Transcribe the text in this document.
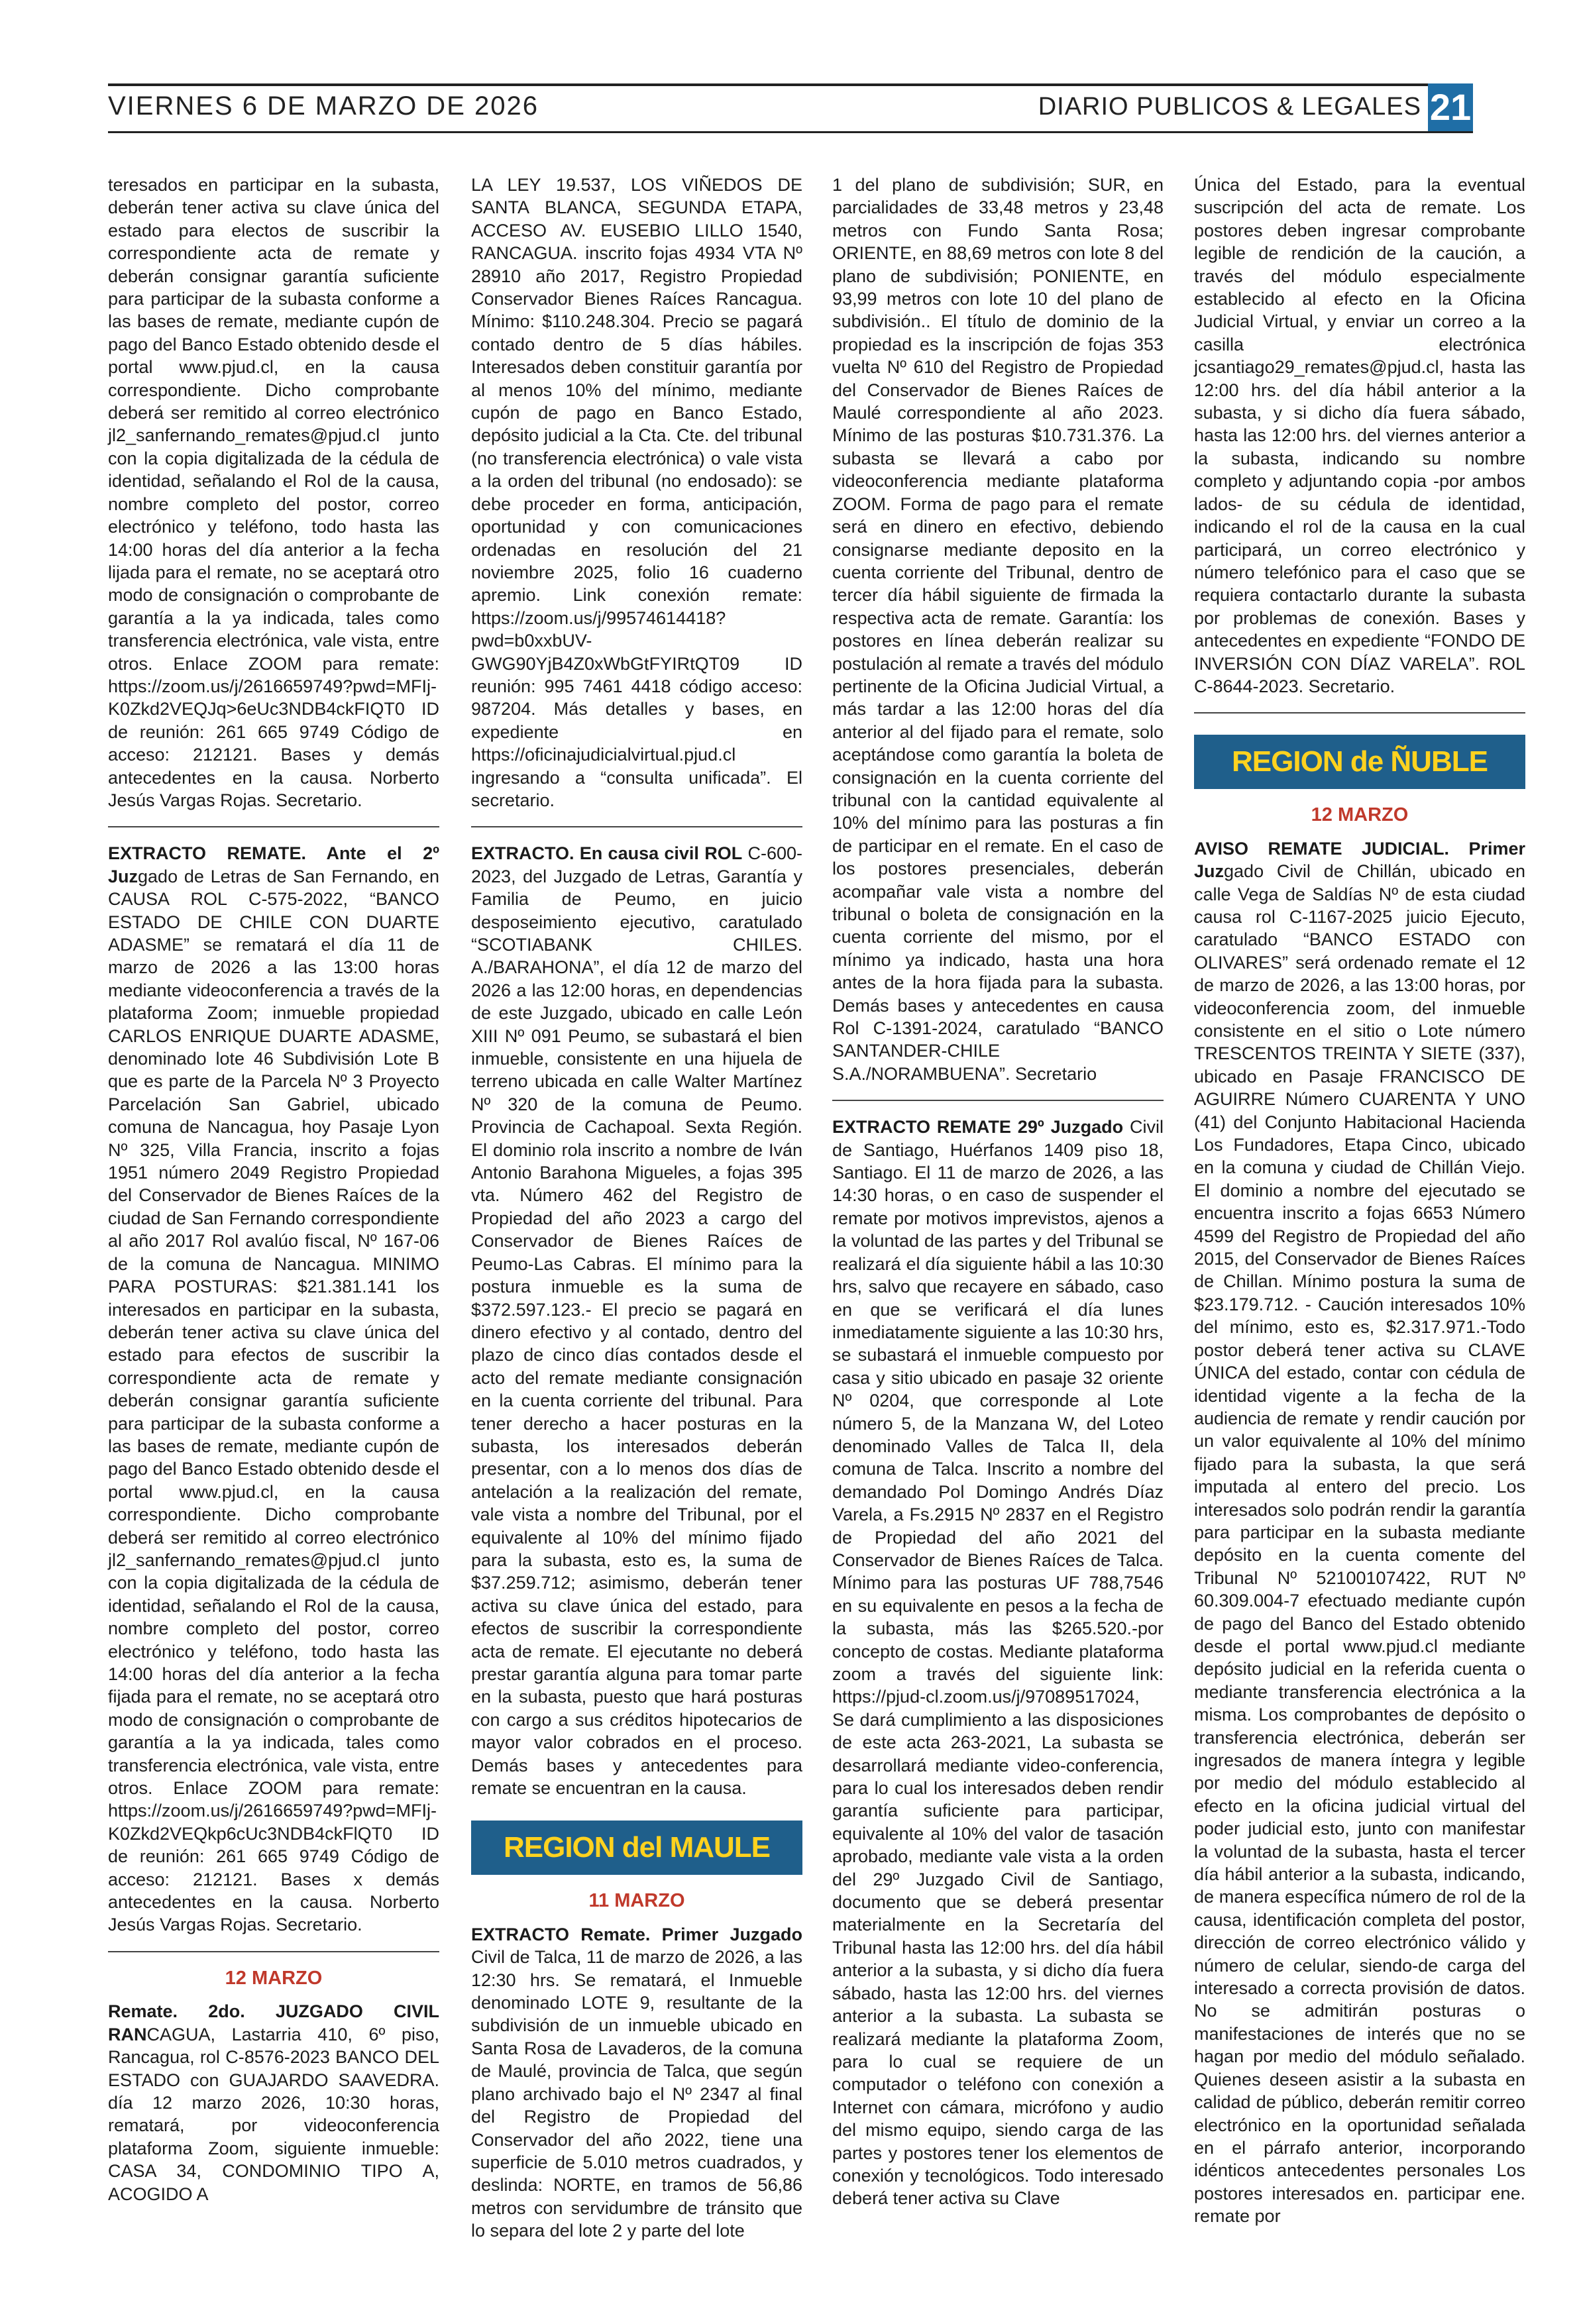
VIERNES 6 DE MARZO DE 2026	DIARIO PUBLICOS & LEGALES 21

teresados en participar en la subasta, deberán tener activa su clave única del estado para electos de suscribir la correspondiente acta de remate y deberán consignar garantía suficiente para participar de la subasta conforme a las bases de remate, mediante cupón de pago del Banco Estado obtenido desde el portal www.pjud.cl, en la causa correspondiente. Dicho comprobante deberá ser remitido al correo electrónico jl2_sanfernando_remates@pjud.cl junto con la copia digitalizada de la cédula de identidad, señalando el Rol de la causa, nombre completo del postor, correo electrónico y teléfono, todo hasta las 14:00 horas del día anterior a la fecha lijada para el remate, no se aceptará otro modo de consignación o comprobante de garantía a la ya indicada, tales como transferencia electrónica, vale vista, entre otros. Enlace ZOOM para remate: https://zoom.us/j/2616659749?pwd=MFIj-K0Zkd2VEQJq>6eUc3NDB4ckFIQT0 ID de reunión: 261 665 9749 Código de acceso: 212121. Bases y demás antecedentes en la causa. Norberto Jesús Vargas Rojas. Secretario.

EXTRACTO REMATE. Ante el 2º Juzgado de Letras de San Fernando, en CAUSA ROL C-575-2022, “BANCO ESTADO DE CHILE CON DUARTE ADASME” se rematará el día 11 de marzo de 2026 a las 13:00 horas mediante videoconferencia a través de la plataforma Zoom; inmueble propiedad CARLOS ENRIQUE DUARTE ADASME, denominado lote 46 Subdivisión Lote B que es parte de la Parcela Nº 3 Proyecto Parcelación San Gabriel, ubicado comuna de Nancagua, hoy Pasaje Lyon Nº 325, Villa Francia, inscrito a fojas 1951 número 2049 Registro Propiedad del Conservador de Bienes Raíces de la ciudad de San Fernando correspondiente al año 2017 Rol avalúo fiscal, Nº 167-06 de la comuna de Nancagua. MINIMO PARA POSTURAS: $21.381.141 los interesados en participar en la subasta, deberán tener activa su clave única del estado para efectos de suscribir la correspondiente acta de remate y deberán consignar garantía suficiente para participar de la subasta conforme a las bases de remate, mediante cupón de pago del Banco Estado obtenido desde el portal www.pjud.cl, en la causa correspondiente. Dicho comprobante deberá ser remitido al correo electrónico jl2_sanfernando_remates@pjud.cl junto con la copia digitalizada de la cédula de identidad, señalando el Rol de la causa, nombre completo del postor, correo electrónico y teléfono, todo hasta las 14:00 horas del día anterior a la fecha fijada para el remate, no se aceptará otro modo de consignación o comprobante de garantía a la ya indicada, tales como transferencia electrónica, vale vista, entre otros. Enlace ZOOM para remate: https://zoom.us/j/2616659749?pwd=MFIj-K0Zkd2VEQkp6cUc3NDB4ckFlQT0 ID de reunión: 261 665 9749 Código de acceso: 212121. Bases x demás antecedentes en la causa. Norberto Jesús Vargas Rojas. Secretario.

12 MARZO

Remate. 2do. JUZGADO CIVIL RANCAGUA, Lastarria 410, 6º piso, Rancagua, rol C-8576-2023 BANCO DEL ESTADO con GUAJARDO SAAVEDRA. día 12 marzo 2026, 10:30 horas, rematará, por videoconferencia plataforma Zoom, siguiente inmueble: CASA 34, CONDOMINIO TIPO A, ACOGIDO A

LA LEY 19.537, LOS VIÑEDOS DE SANTA BLANCA, SEGUNDA ETAPA, ACCESO AV. EUSEBIO LILLO 1540, RANCAGUA. inscrito fojas 4934 VTA Nº 28910 año 2017, Registro Propiedad Conservador Bienes Raíces Rancagua. Mínimo: $110.248.304. Precio se pagará contado dentro de 5 días hábiles. Interesados deben constituir garantía por al menos 10% del mínimo, mediante cupón de pago en Banco Estado, depósito judicial a la Cta. Cte. del tribunal (no transferencia electrónica) o vale vista a la orden del tribunal (no endosado): se debe proceder en forma, anticipación, oportunidad y con comunicaciones ordenadas en resolución del 21 noviembre 2025, folio 16 cuaderno apremio. Link conexión remate: https://zoom.us/j/99574614418?pwd=b0xxbUV-GWG90YjB4Z0xWbGtFYIRtQT09 ID reunión: 995 7461 4418 código acceso: 987204. Más detalles y bases, en expediente en https://oficinajudicialvirtual.pjud.cl ingresando a “consulta unificada”. El secretario.

EXTRACTO. En causa civil ROL C-600-2023, del Juzgado de Letras, Garantía y Familia de Peumo, en juicio desposeimiento ejecutivo, caratulado “SCOTIABANK CHILES. A./BARAHONA”, el día 12 de marzo del 2026 a las 12:00 horas, en dependencias de este Juzgado, ubicado en calle León XIII Nº 091 Peumo, se subastará el bien inmueble, consistente en una hijuela de terreno ubicada en calle Walter Martínez Nº 320 de la comuna de Peumo. Provincia de Cachapoal. Sexta Región. El dominio rola inscrito a nombre de Iván Antonio Barahona Migueles, a fojas 395 vta. Número 462 del Registro de Propiedad del año 2023 a cargo del Conservador de Bienes Raíces de Peumo-Las Cabras. El mínimo para la postura inmueble es la suma de $372.597.123.- El precio se pagará en dinero efectivo y al contado, dentro del plazo de cinco días contados desde el acto del remate mediante consignación en la cuenta corriente del tribunal. Para tener derecho a hacer posturas en la subasta, los interesados deberán presentar, con a lo menos dos días de antelación a la realización del remate, vale vista a nombre del Tribunal, por el equivalente al 10% del mínimo fijado para la subasta, esto es, la suma de $37.259.712; asimismo, deberán tener activa su clave única del estado, para efectos de suscribir la correspondiente acta de remate. El ejecutante no deberá prestar garantía alguna para tomar parte en la subasta, puesto que hará posturas con cargo a sus créditos hipotecarios de mayor valor cobrados en el proceso. Demás bases y antecedentes para remate se encuentran en la causa.

REGION del MAULE
11 MARZO

EXTRACTO Remate. Primer Juzgado Civil de Talca, 11 de marzo de 2026, a las 12:30 hrs. Se rematará, el Inmueble denominado LOTE 9, resultante de la subdivisión de un inmueble ubicado en Santa Rosa de Lavaderos, de la comuna de Maulé, provincia de Talca, que según plano archivado bajo el Nº 2347 al final del Registro de Propiedad del Conservador del año 2022, tiene una superficie de 5.010 metros cuadrados, y deslinda: NORTE, en tramos de 56,86 metros con servidumbre de tránsito que lo separa del lote 2 y parte del lote

1 del plano de subdivisión; SUR, en parcialidades de 33,48 metros y 23,48 metros con Fundo Santa Rosa; ORIENTE, en 88,69 metros con lote 8 del plano de subdivisión; PONIENTE, en 93,99 metros con lote 10 del plano de subdivisión.. El título de dominio de la propiedad es la inscripción de fojas 353 vuelta Nº 610 del Registro de Propiedad del Conservador de Bienes Raíces de Maulé correspondiente al año 2023. Mínimo de las posturas $10.731.376. La subasta se llevará a cabo por videoconferencia mediante plataforma ZOOM. Forma de pago para el remate será en dinero en efectivo, debiendo consignarse mediante deposito en la cuenta corriente del Tribunal, dentro de tercer día hábil siguiente de firmada la respectiva acta de remate. Garantía: los postores en línea deberán realizar su postulación al remate a través del módulo pertinente de la Oficina Judicial Virtual, a más tardar a las 12:00 horas del día anterior al del fijado para el remate, solo aceptándose como garantía la boleta de consignación en la cuenta corriente del tribunal con la cantidad equivalente al 10% del mínimo para las posturas a fin de participar en el remate. En el caso de los postores presenciales, deberán acompañar vale vista a nombre del tribunal o boleta de consignación en la cuenta corriente del mismo, por el mínimo ya indicado, hasta una hora antes de la hora fijada para la subasta. Demás bases y antecedentes en causa Rol C-1391-2024, caratulado “BANCO SANTANDER-CHILE S.A./NORAMBUENA”. Secretario

EXTRACTO REMATE 29º Juzgado Civil de Santiago, Huérfanos 1409 piso 18, Santiago. El 11 de marzo de 2026, a las 14:30 horas, o en caso de suspender el remate por motivos imprevistos, ajenos a la voluntad de las partes y del Tribunal se realizará el día siguiente hábil a las 10:30 hrs, salvo que recayere en sábado, caso en que se verificará el día lunes inmediatamente siguiente a las 10:30 hrs, se subastará el inmueble compuesto por casa y sitio ubicado en pasaje 32 oriente Nº 0204, que corresponde al Lote número 5, de la Manzana W, del Loteo denominado Valles de Talca II, dela comuna de Talca. Inscrito a nombre del demandado Pol Domingo Andrés Díaz Varela, a Fs.2915 Nº 2837 en el Registro de Propiedad del año 2021 del Conservador de Bienes Raíces de Talca. Mínimo para las posturas UF 788,7546 en su equivalente en pesos a la fecha de la subasta, más las $265.520.-por concepto de costas. Mediante plataforma zoom a través del siguiente link: https://pjud-cl.zoom.us/j/97089517024, Se dará cumplimiento a las disposiciones de este acta 263-2021, La subasta se desarrollará mediante video-conferencia, para lo cual los interesados deben rendir garantía suficiente para participar, equivalente al 10% del valor de tasación aprobado, mediante vale vista a la orden del 29º Juzgado Civil de Santiago, documento que se deberá presentar materialmente en la Secretaría del Tribunal hasta las 12:00 hrs. del día hábil anterior a la subasta, y si dicho día fuera sábado, hasta las 12:00 hrs. del viernes anterior a la subasta. La subasta se realizará mediante la plataforma Zoom, para lo cual se requiere de un computador o teléfono con conexión a Internet con cámara, micrófono y audio del mismo equipo, siendo carga de las partes y postores tener los elementos de conexión y tecnológicos. Todo interesado deberá tener activa su Clave

Única del Estado, para la eventual suscripción del acta de remate. Los postores deben ingresar comprobante legible de rendición de la caución, a través del módulo especialmente establecido al efecto en la Oficina Judicial Virtual, y enviar un correo a la casilla electrónica jcsantiago29_remates@pjud.cl, hasta las 12:00 hrs. del día hábil anterior a la subasta, y si dicho día fuera sábado, hasta las 12:00 hrs. del viernes anterior a la subasta, indicando su nombre completo y adjuntando copia -por ambos lados- de su cédula de identidad, indicando el rol de la causa en la cual participará, un correo electrónico y número telefónico para el caso que se requiera contactarlo durante la subasta por problemas de conexión. Bases y antecedentes en expediente “FONDO DE INVERSIÓN CON DÍAZ VARELA”. ROL C-8644-2023. Secretario.

REGION de ÑUBLE
12 MARZO

AVISO REMATE JUDICIAL. Primer Juzgado Civil de Chillán, ubicado en calle Vega de Saldías Nº de esta ciudad causa rol C-1167-2025 juicio Ejecuto, caratulado “BANCO ESTADO con OLIVARES” será ordenado remate el 12 de marzo de 2026, a las 13:00 horas, por videoconferencia zoom, del inmueble consistente en el sitio o Lote número TRESCENTOS TREINTA Y SIETE (337), ubicado en Pasaje FRANCISCO DE AGUIRRE Número CUARENTA Y UNO (41) del Conjunto Habitacional Hacienda Los Fundadores, Etapa Cinco, ubicado en la comuna y ciudad de Chillán Viejo. El dominio a nombre del ejecutado se encuentra inscrito a fojas 6653 Número 4599 del Registro de Propiedad del año 2015, del Conservador de Bienes Raíces de Chillan. Mínimo postura la suma de $23.179.712. - Caución interesados 10% del mínimo, esto es, $2.317.971.-Todo postor deberá tener activa su CLAVE ÚNICA del estado, contar con cédula de identidad vigente a la fecha de la audiencia de remate y rendir caución por un valor equivalente al 10% del mínimo fijado para la subasta, la que será imputada al entero del precio. Los interesados solo podrán rendir la garantía para participar en la subasta mediante depósito en la cuenta comente del Tribunal Nº 52100107422, RUT Nº 60.309.004-7 efectuado mediante cupón de pago del Banco del Estado obtenido desde el portal www.pjud.cl mediante depósito judicial en la referida cuenta o mediante transferencia electrónica a la misma. Los comprobantes de depósito o transferencia electrónica, deberán ser ingresados de manera íntegra y legible por medio del módulo establecido al efecto en la oficina judicial virtual del poder judicial esto, junto con manifestar la voluntad de la subasta, hasta el tercer día hábil anterior a la subasta, indicando, de manera específica número de rol de la causa, identificación completa del postor, dirección de correo electrónico válido y número de celular, siendo-de carga del interesado a correcta provisión de datos. No se admitirán posturas o manifestaciones de interés que no se hagan por medio del módulo señalado. Quienes deseen asistir a la subasta en calidad de público, deberán remitir correo electrónico en la oportunidad señalada en el párrafo anterior, incorporando idénticos antecedentes personales Los postores interesados en. participar ene. remate por
